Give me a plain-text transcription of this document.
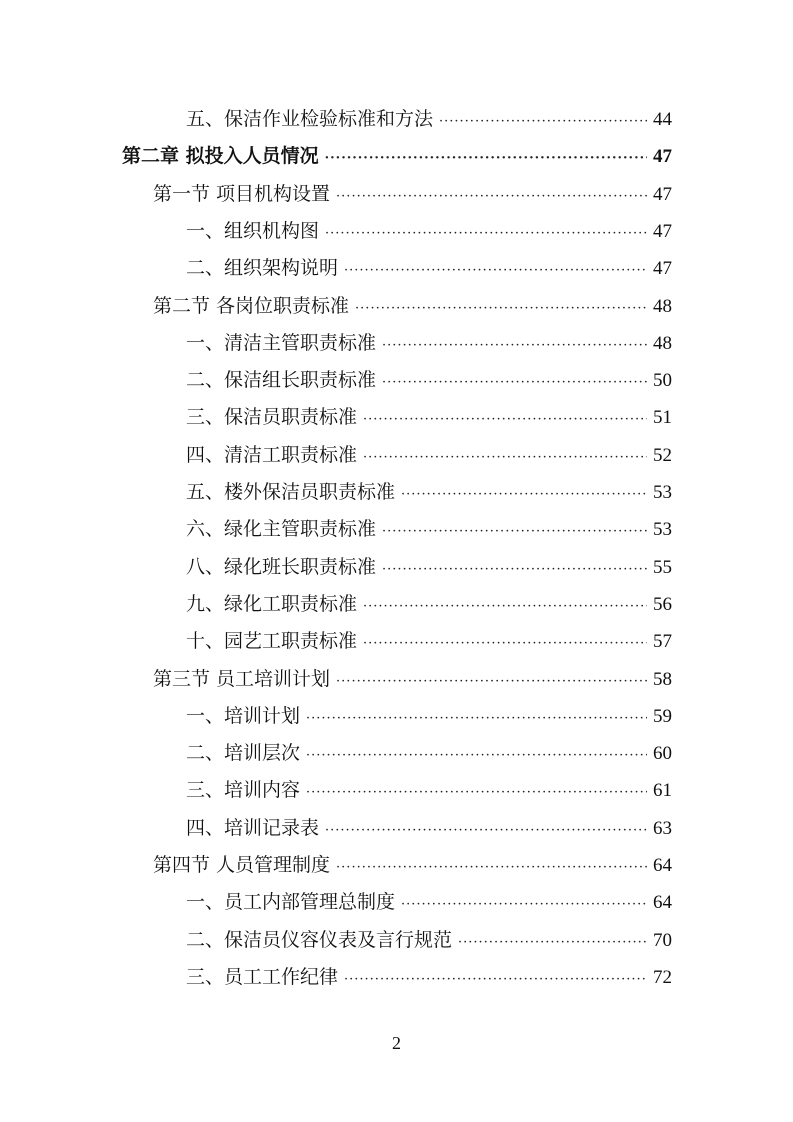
五、保洁作业检验标准和方法 ·····	44
第二章 拟投入人员情况 ·····	47
第一节 项目机构设置 ·····	47
一、组织机构图 ·····	47
二、组织架构说明 ·····	47
第二节 各岗位职责标准 ·····	48
一、清洁主管职责标准 ·····	48
二、保洁组长职责标准 ·····	50
三、保洁员职责标准 ·····	51
四、清洁工职责标准 ·····	52
五、楼外保洁员职责标准 ·····	53
六、绿化主管职责标准 ·····	53
八、绿化班长职责标准 ·····	55
九、绿化工职责标准 ·····	56
十、园艺工职责标准 ·····	57
第三节 员工培训计划 ·····	58
一、培训计划 ·····	59
二、培训层次 ·····	60
三、培训内容 ·····	61
四、培训记录表 ·····	63
第四节 人员管理制度 ·····	64
一、员工内部管理总制度 ·····	64
二、保洁员仪容仪表及言行规范 ·····	70
三、员工工作纪律 ·····	72
2
